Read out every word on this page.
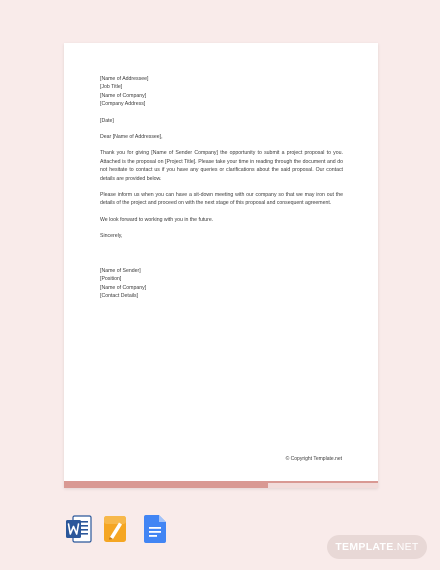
[Name of Addressee]
[Job Title]
[Name of Company]
[Company Address]
[Date]
Dear [Name of Addressee],
Thank you for giving [Name of Sender Company] the opportunity to submit a project proposal to you. Attached is the proposal on [Project Title]. Please take your time in reading through the document and do not hesitate to contact us if you have any queries or clarifications about the said proposal. Our contact details are provided below.
Please inform us when you can have a sit-down meeting with our company so that we may iron out the details of the project and proceed on with the next stage of this proposal and consequent agreement.
We look forward to working with you in the future.
Sincerely,
[Name of Sender]
[Position]
[Name of Company]
[Contact Details]
© Copyright Template.net
TEMPLATE.NET
